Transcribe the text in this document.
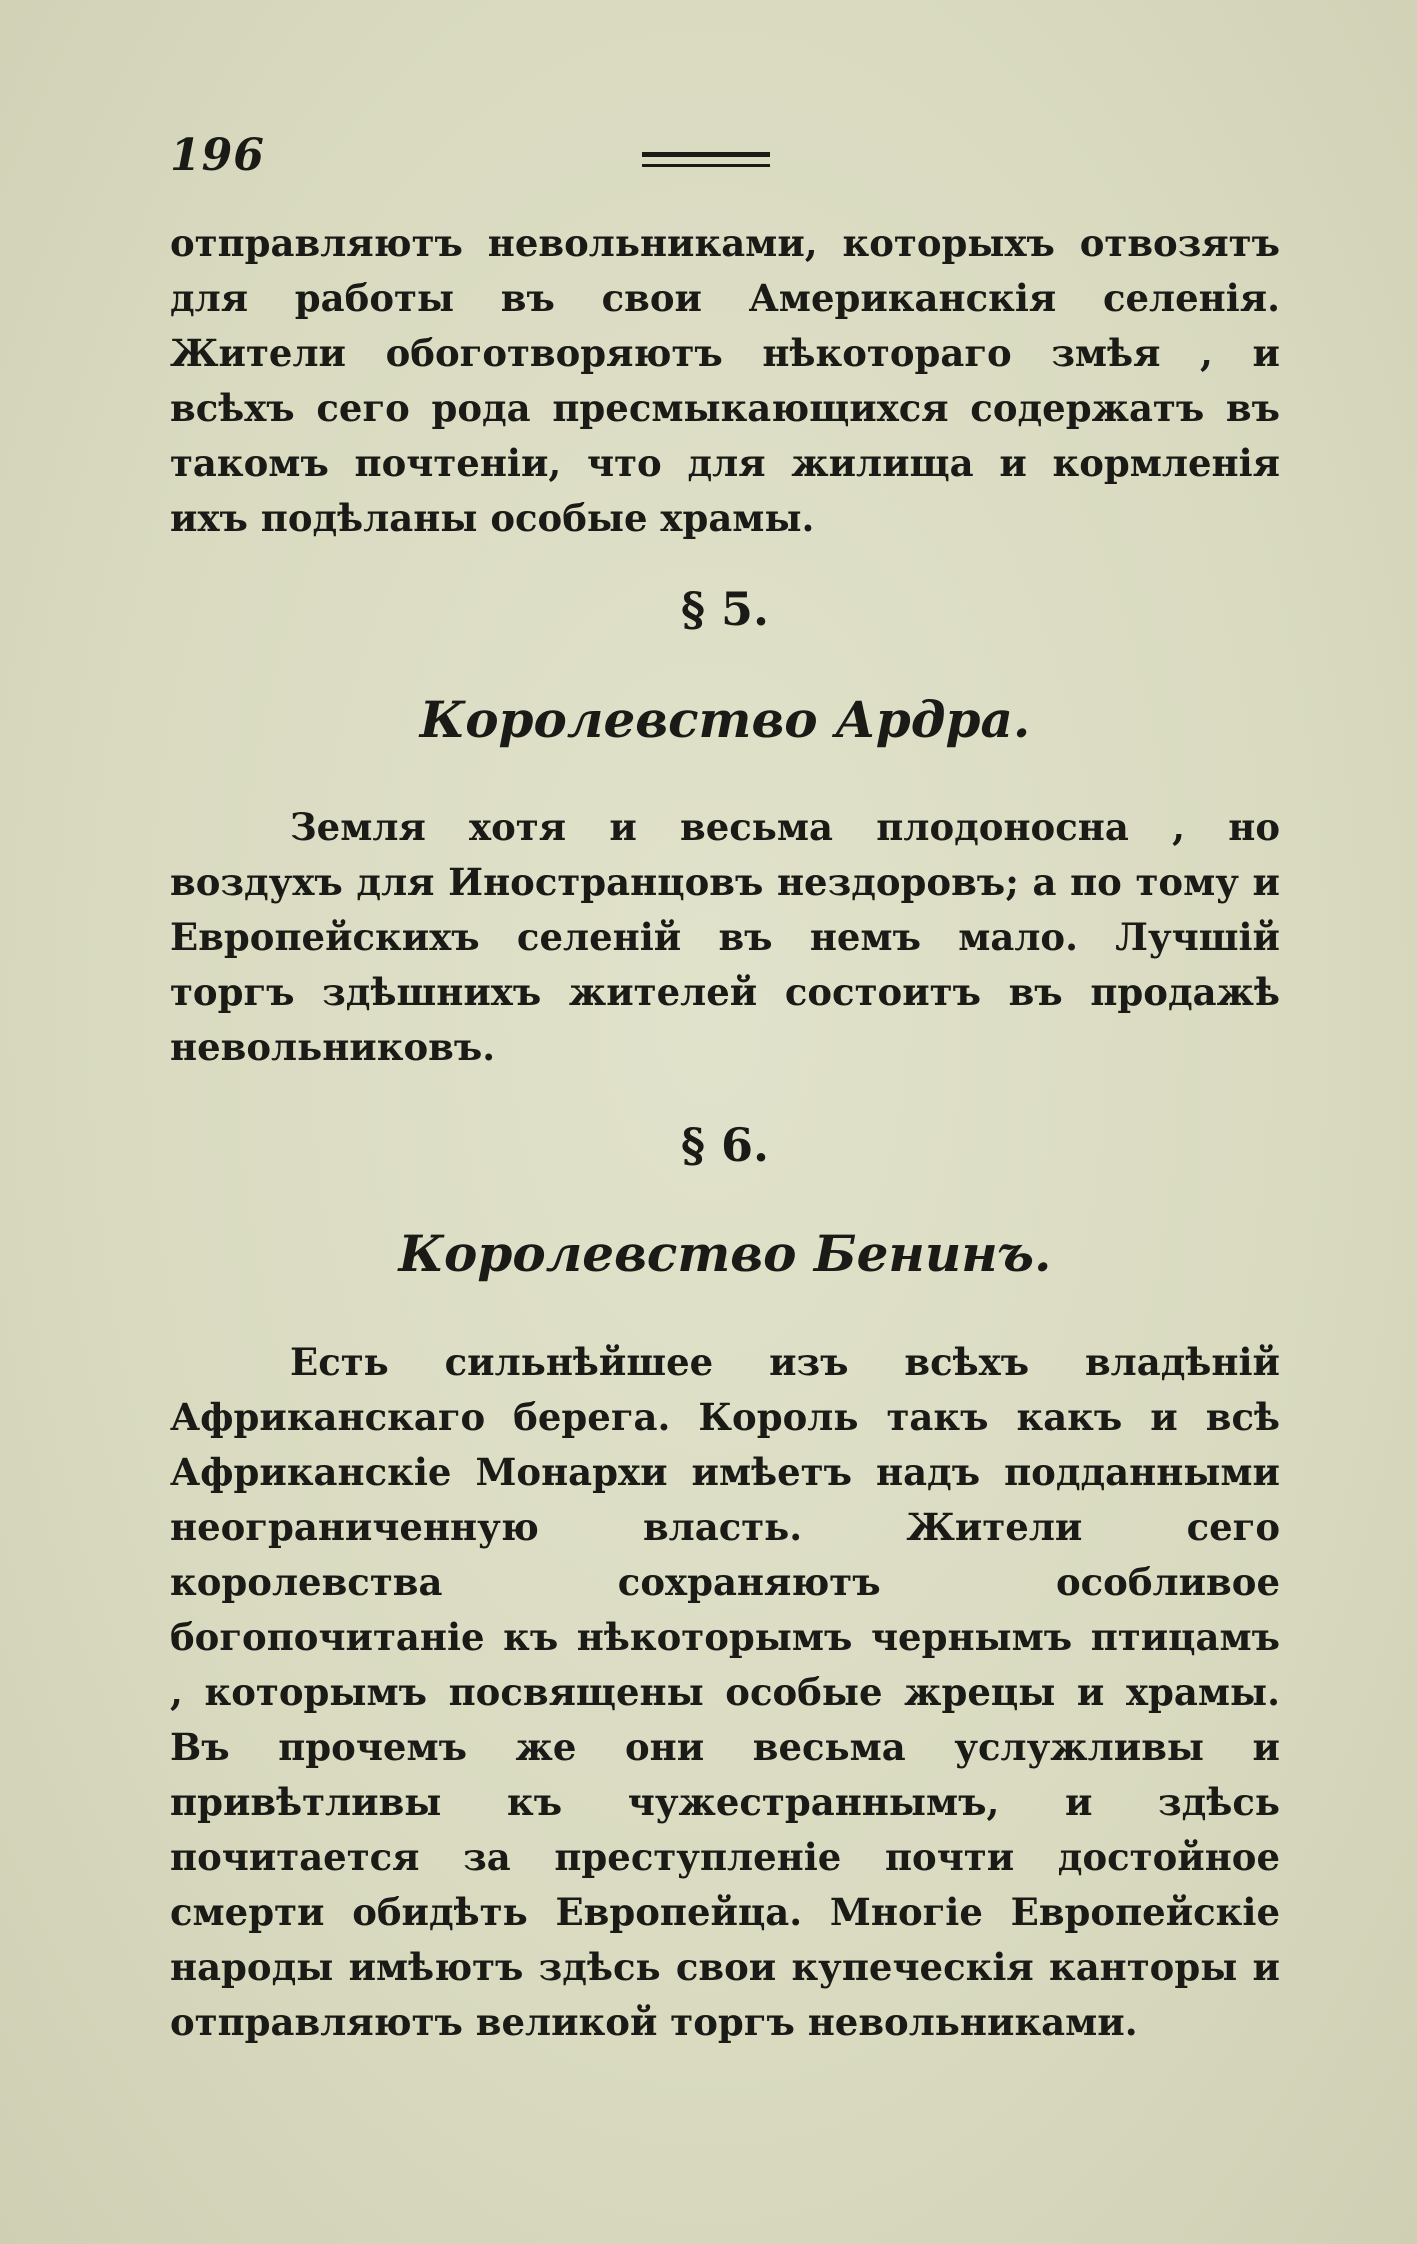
196
отправляютъ невольниками, которыхъ отвозятъ для работы въ свои Американскія селенія. Жители обоготворяютъ нѣкотораго змѣя , и всѣхъ сего рода пресмыкающихся содержатъ въ такомъ почтеніи, что для жилища и кормленія ихъ подѣланы особые храмы.
§ 5.
Королевство Ардра.
Земля хотя и весьма плодоносна , но воздухъ для Иностранцовъ нездоровъ; а по тому и Европейскихъ селеній въ немъ мало. Лучшій торгъ здѣшнихъ жителей состоитъ въ продажѣ невольниковъ.
§ 6.
Королевство Бенинъ.
Есть сильнѣйшее изъ всѣхъ владѣній Африканскаго берега. Король такъ какъ и всѣ Африканскіе Монархи имѣетъ надъ подданными неограниченную власть. Жители сего королевства сохраняютъ особливое богопочитаніе къ нѣкоторымъ чернымъ птицамъ , которымъ посвящены особые жрецы и храмы. Въ прочемъ же они весьма услужливы и привѣтливы къ чужестраннымъ, и здѣсь почитается за преступленіе почти достойное смерти обидѣть Европейца. Многіе Европейскіе народы имѣютъ здѣсь свои купеческія канторы и отправляютъ великой торгъ невольниками.
